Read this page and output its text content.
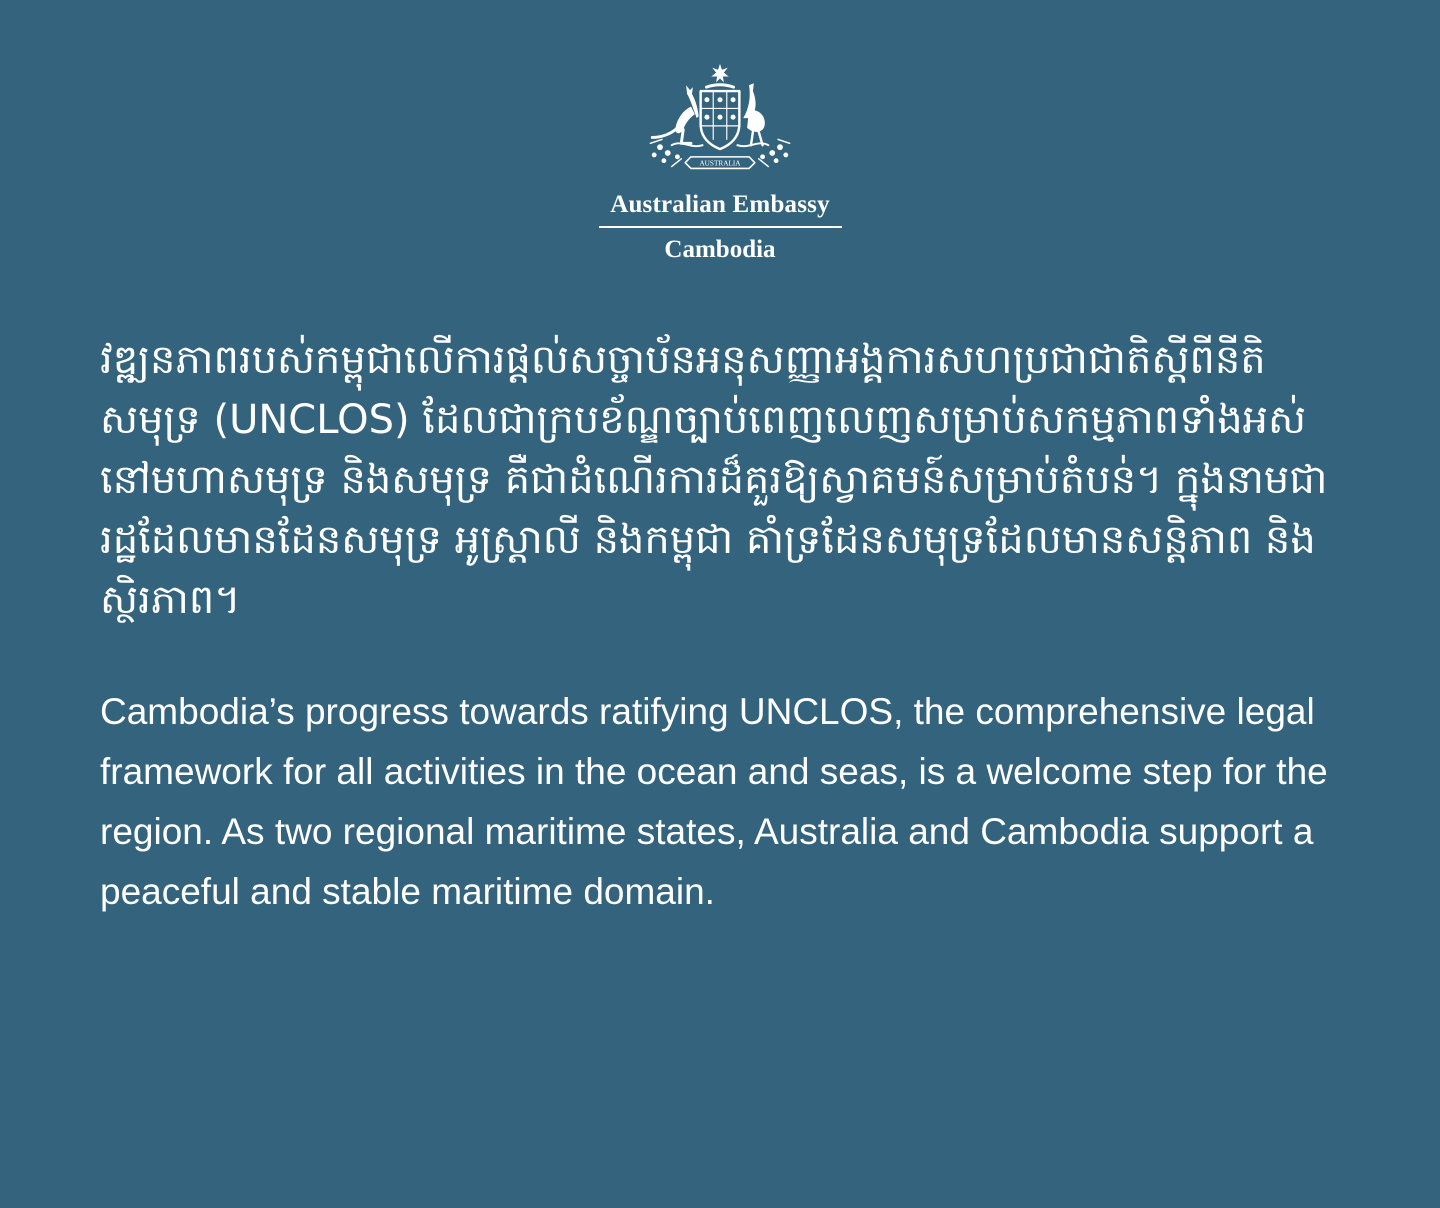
AUSTRALIA
Australian Embassy
Cambodia

វឌ្ឍនភាពរបស់កម្ពុជាលើការផ្តល់សច្ចាប័នអនុសញ្ញាអង្គការសហប្រជាជាតិស្តីពីនីតិសមុទ្រ (UNCLOS) ដែលជាក្របខ័ណ្ឌច្បាប់ពេញលេញសម្រាប់សកម្មភាពទាំងអស់នៅមហាសមុទ្រ និងសមុទ្រ គឺជាដំណើរការដ៏គួរឱ្យស្វាគមន៍សម្រាប់តំបន់។ ក្នុងនាមជារដ្ឋដែលមានដែនសមុទ្រ អូស្ត្រាលី និងកម្ពុជា គាំទ្រដែនសមុទ្រដែលមានសន្តិភាព និងស្ថិរភាព។

Cambodia’s progress towards ratifying UNCLOS, the comprehensive legal framework for all activities in the ocean and seas, is a welcome step for the region. As two regional maritime states, Australia and Cambodia support a peaceful and stable maritime domain.
